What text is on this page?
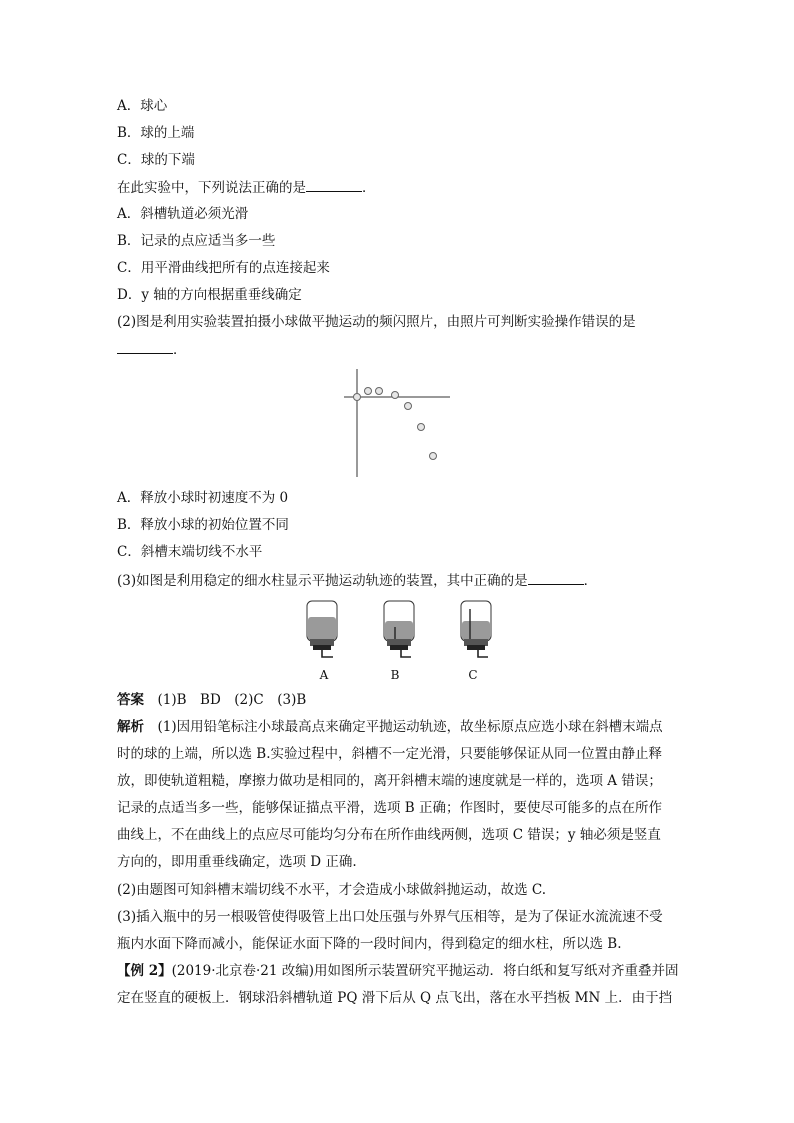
A．球心
B．球的上端
C．球的下端
在此实验中，下列说法正确的是	．
A．斜槽轨道必须光滑
B．记录的点应适当多一些
C．用平滑曲线把所有的点连接起来
D．y 轴的方向根据重垂线确定
(2)图是利用实验装置拍摄小球做平抛运动的频闪照片，由照片可判断实验操作错误的是
．
A．释放小球时初速度不为 0
B．释放小球的初始位置不同
C．斜槽末端切线不水平
(3)如图是利用稳定的细水柱显示平抛运动轨迹的装置，其中正确的是	．
A	B	C
答案　 (1)B　BD　(2)C　(3)B
解析　 (1)因用铅笔标注小球最高点来确定平抛运动轨迹，故坐标原点应选小球在斜槽末端点
时的球的上端，所以选 B.实验过程中，斜槽不一定光滑，只要能够保证从同一位置由静止释
放，即使轨道粗糙，摩擦力做功是相同的，离开斜槽末端的速度就是一样的，选项 A 错误；
记录的点适当多一些，能够保证描点平滑，选项 B 正确；作图时，要使尽可能多的点在所作
曲线上，不在曲线上的点应尽可能均匀分布在所作曲线两侧，选项 C 错误；y 轴必须是竖直
方向的，即用重垂线确定，选项 D 正确.
(2)由题图可知斜槽末端切线不水平，才会造成小球做斜抛运动，故选 C.
(3)插入瓶中的另一根吸管使得吸管上出口处压强与外界气压相等，是为了保证水流流速不受
瓶内水面下降而减小，能保证水面下降的一段时间内，得到稳定的细水柱，所以选 B.
【例 2】(2019·北京卷·21 改编)用如图所示装置研究平抛运动．将白纸和复写纸对齐重叠并固
定在竖直的硬板上．钢球沿斜槽轨道 PQ 滑下后从 Q 点飞出，落在水平挡板 MN 上．由于挡
